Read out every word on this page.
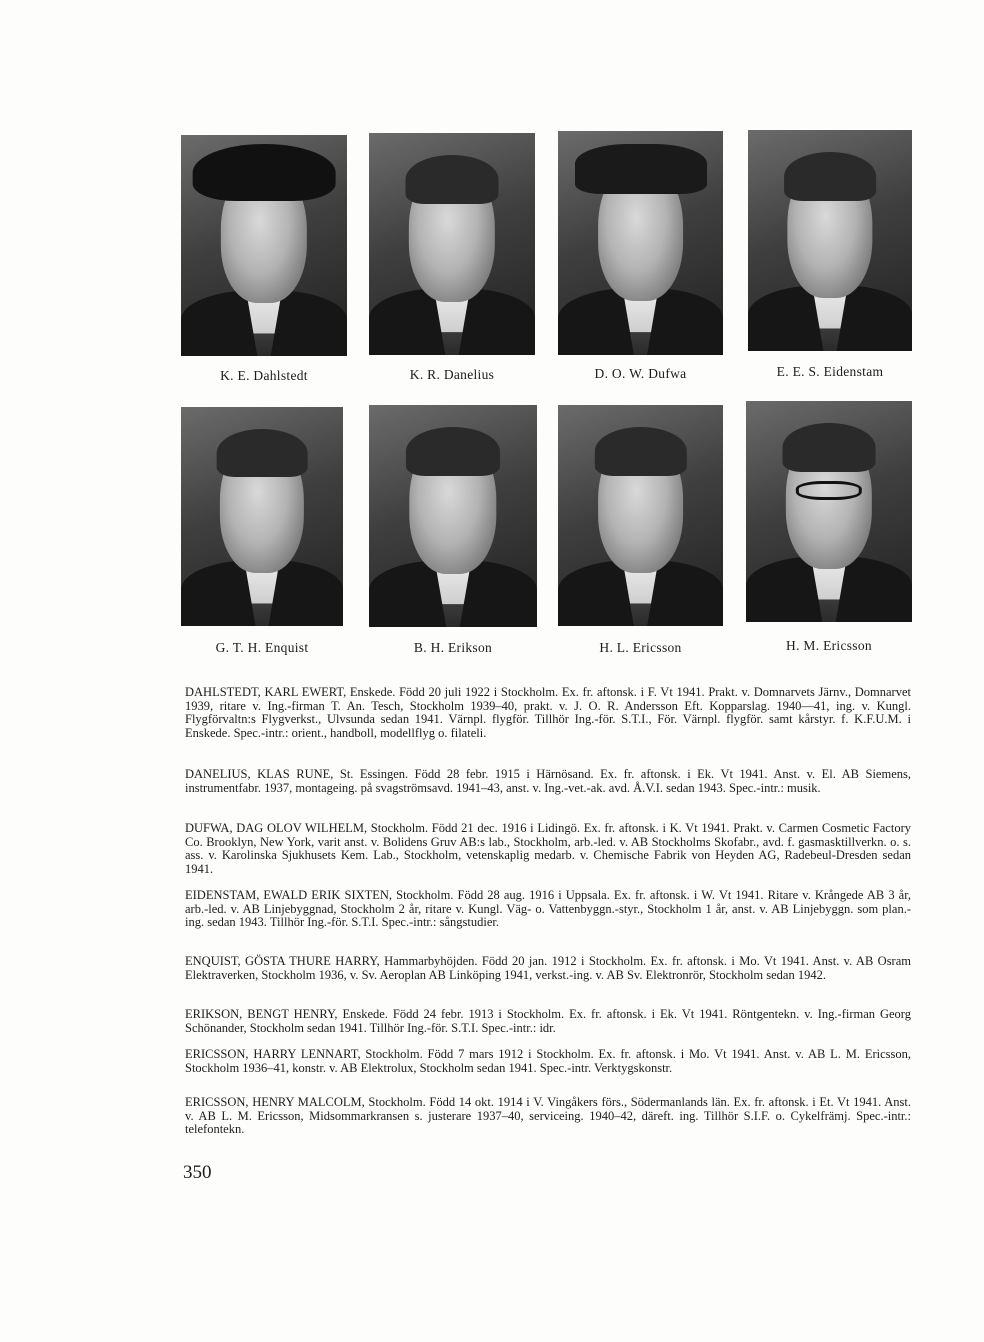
K. E. Dahlstedt	K. R. Danelius	D. O. W. Dufwa	E. E. S. Eidenstam
G. T. H. Enquist	B. H. Erikson	H. L. Ericsson	H. M. Ericsson

DAHLSTEDT, KARL EWERT, Enskede. Född 20 juli 1922 i Stockholm. Ex. fr. aftonsk. i F. Vt 1941. Prakt. v. Domnarvets Järnv., Domnarvet 1939, ritare v. Ing.-firman T. An. Tesch, Stockholm 1939–40, prakt. v. J. O. R. Andersson Eft. Kopparslag. 1940—41, ing. v. Kungl. Flygförvaltn:s Flygverkst., Ulvsunda sedan 1941. Värnpl. flygför. Tillhör Ing.-för. S.T.I., För. Värnpl. flygför. samt kårstyr. f. K.F.U.M. i Enskede. Spec.-intr.: orient., handboll, modellflyg o. filateli.

DANELIUS, KLAS RUNE, St. Essingen. Född 28 febr. 1915 i Härnösand. Ex. fr. aftonsk. i Ek. Vt 1941. Anst. v. El. AB Siemens, instrumentfabr. 1937, montageing. på svagströmsavd. 1941–43, anst. v. Ing.-vet.-ak. avd. Å.V.I. sedan 1943. Spec.-intr.: musik.

DUFWA, DAG OLOV WILHELM, Stockholm. Född 21 dec. 1916 i Lidingö. Ex. fr. aftonsk. i K. Vt 1941. Prakt. v. Carmen Cosmetic Factory Co. Brooklyn, New York, varit anst. v. Bolidens Gruv AB:s lab., Stockholm, arb.-led. v. AB Stockholms Skofabr., avd. f. gasmasktillverkn. o. s. ass. v. Karolinska Sjukhusets Kem. Lab., Stockholm, vetenskaplig medarb. v. Chemische Fabrik von Heyden AG, Radebeul-Dresden sedan 1941.

EIDENSTAM, EWALD ERIK SIXTEN, Stockholm. Född 28 aug. 1916 i Uppsala. Ex. fr. aftonsk. i W. Vt 1941. Ritare v. Krångede AB 3 år, arb.-led. v. AB Linjebyggnad, Stockholm 2 år, ritare v. Kungl. Väg- o. Vattenbyggn.-styr., Stockholm 1 år, anst. v. AB Linjebyggn. som plan.-ing. sedan 1943. Tillhör Ing.-för. S.T.I. Spec.-intr.: sångstudier.

ENQUIST, GÖSTA THURE HARRY, Hammarbyhöjden. Född 20 jan. 1912 i Stockholm. Ex. fr. aftonsk. i Mo. Vt 1941. Anst. v. AB Osram Elektraverken, Stockholm 1936, v. Sv. Aeroplan AB Linköping 1941, verkst.-ing. v. AB Sv. Elektronrör, Stockholm sedan 1942.

ERIKSON, BENGT HENRY, Enskede. Född 24 febr. 1913 i Stockholm. Ex. fr. aftonsk. i Ek. Vt 1941. Röntgentekn. v. Ing.-firman Georg Schönander, Stockholm sedan 1941. Tillhör Ing.-för. S.T.I. Spec.-intr.: idr.

ERICSSON, HARRY LENNART, Stockholm. Född 7 mars 1912 i Stockholm. Ex. fr. aftonsk. i Mo. Vt 1941. Anst. v. AB L. M. Ericsson, Stockholm 1936–41, konstr. v. AB Elektrolux, Stockholm sedan 1941. Spec.-intr. Verktygskonstr.

ERICSSON, HENRY MALCOLM, Stockholm. Född 14 okt. 1914 i V. Vingåkers förs., Södermanlands län. Ex. fr. aftonsk. i Et. Vt 1941. Anst. v. AB L. M. Ericsson, Midsommarkransen s. justerare 1937–40, serviceing. 1940–42, däreft. ing. Tillhör S.I.F. o. Cykelfrämj. Spec.-intr.: telefontekn.

350
